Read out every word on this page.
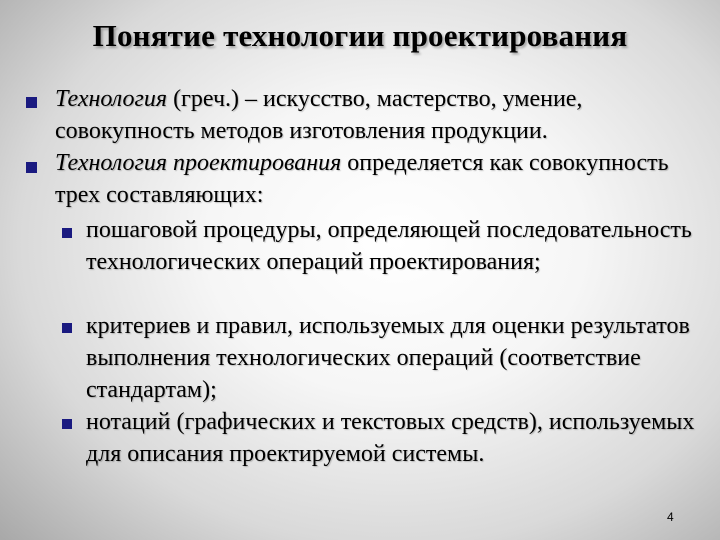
Понятие технологии проектирования
Технология (греч.) – искусство, мастерство, умение, совокупность методов изготовления продукции.
Технология проектирования определяется как совокупность трех составляющих:
пошаговой процедуры, определяющей последовательность технологических операций проектирования;
критериев и правил, используемых для оценки результатов выполнения технологических операций (соответствие стандартам);
нотаций (графических и текстовых средств), используемых для описания проектируемой системы.
4
